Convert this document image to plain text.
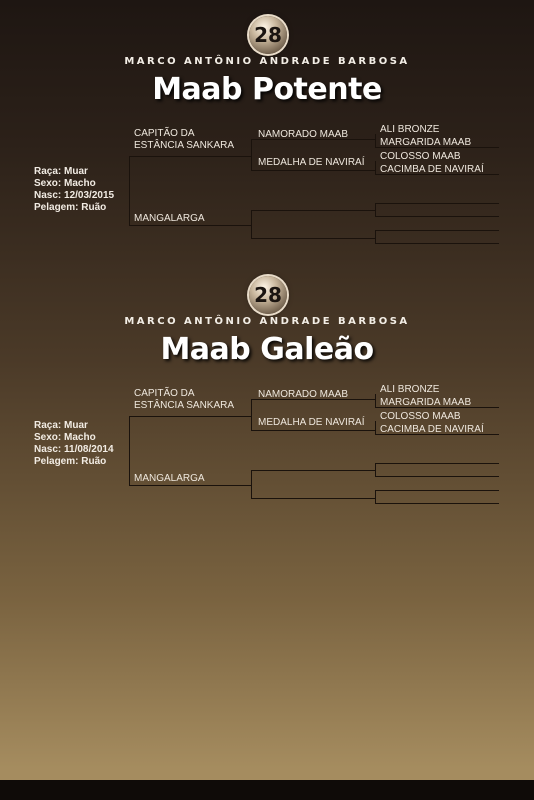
28
MARCO ANTÔNIO ANDRADE BARBOSA
Maab Potente
Raça: Muar
Sexo: Macho
Nasc: 12/03/2015
Pelagem: Ruão
CAPITÃO DA
ESTÂNCIA SANKARA
MANGALARGA
NAMORADO MAAB
MEDALHA DE NAVIRAÍ
ALI BRONZE
MARGARIDA MAAB
COLOSSO MAAB
CACIMBA DE NAVIRAÍ
28
MARCO ANTÔNIO ANDRADE BARBOSA
Maab Galeão
Raça: Muar
Sexo: Macho
Nasc: 11/08/2014
Pelagem: Ruão
CAPITÃO DA
ESTÂNCIA SANKARA
MANGALARGA
NAMORADO MAAB
MEDALHA DE NAVIRAÍ
ALI BRONZE
MARGARIDA MAAB
COLOSSO MAAB
CACIMBA DE NAVIRAÍ
